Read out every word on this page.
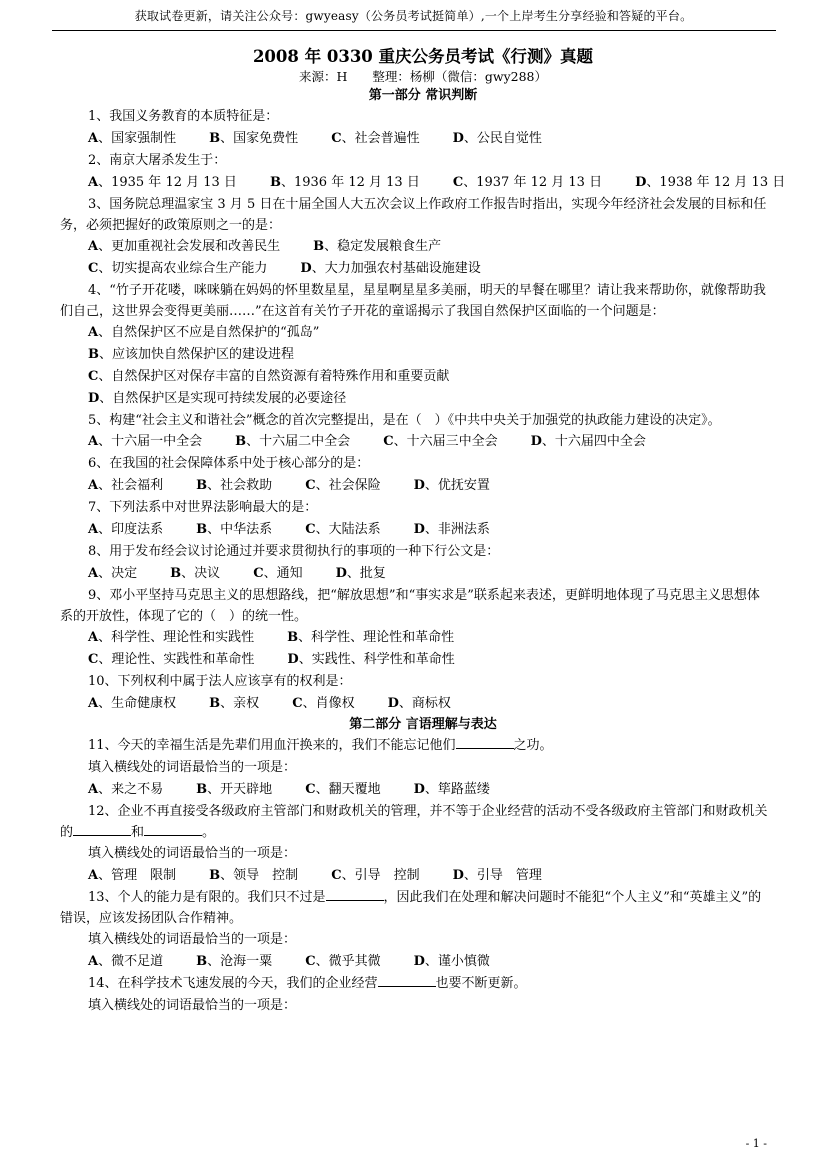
获取试卷更新，请关注公众号：gwyeasy（公务员考试挺简单）,一个上岸考生分享经验和答疑的平台。
2008 年 0330 重庆公务员考试《行测》真题
来源：H　　整理：杨柳（微信：gwy288）
第一部分 常识判断
1、我国义务教育的本质特征是：
A、国家强制性        B、国家免费性        C、社会普遍性        D、公民自觉性
2、南京大屠杀发生于：
A、1935 年 12 月 13 日        B、1936 年 12 月 13 日        C、1937 年 12 月 13 日        D、1938 年 12 月 13 日
3、国务院总理温家宝 3 月 5 日在十届全国人大五次会议上作政府工作报告时指出，实现今年经济社会发展的目标和任务，必须把握好的政策原则之一的是：
A、更加重视社会发展和改善民生        B、稳定发展粮食生产
C、切实提高农业综合生产能力        D、大力加强农村基础设施建设
4、“竹子开花喽，咪咪躺在妈妈的怀里数星星，星星啊星星多美丽，明天的早餐在哪里？请让我来帮助你，就像帮助我们自己，这世界会变得更美丽……”在这首有关竹子开花的童谣揭示了我国自然保护区面临的一个问题是：
A、自然保护区不应是自然保护的“孤岛”
B、应该加快自然保护区的建设进程
C、自然保护区对保存丰富的自然资源有着特殊作用和重要贡献
D、自然保护区是实现可持续发展的必要途径
5、构建“社会主义和谐社会”概念的首次完整提出，是在（　）《中共中央关于加强党的执政能力建设的决定》。
A、十六届一中全会        B、十六届二中全会        C、十六届三中全会        D、十六届四中全会
6、在我国的社会保障体系中处于核心部分的是：
A、社会福利        B、社会救助        C、社会保险        D、优抚安置
7、下列法系中对世界法影响最大的是：
A、印度法系        B、中华法系        C、大陆法系        D、非洲法系
8、用于发布经会议讨论通过并要求贯彻执行的事项的一种下行公文是：
A、决定        B、决议        C、通知        D、批复
9、邓小平坚持马克思主义的思想路线，把“解放思想”和“事实求是”联系起来表述，更鲜明地体现了马克思主义思想体系的开放性，体现了它的（　）的统一性。
A、科学性、理论性和实践性        B、科学性、理论性和革命性
C、理论性、实践性和革命性        D、实践性、科学性和革命性
10、下列权利中属于法人应该享有的权利是：
A、生命健康权        B、亲权        C、肖像权        D、商标权
第二部分 言语理解与表达
11、今天的幸福生活是先辈们用血汗换来的，我们不能忘记他们	之功。
填入横线处的词语最恰当的一项是：
A、来之不易        B、开天辟地        C、翻天覆地        D、筚路蓝缕
12、企业不再直接受各级政府主管部门和财政机关的管理，并不等于企业经营的活动不受各级政府主管部门和财政机关的	和	。
填入横线处的词语最恰当的一项是：
A、管理　限制        B、领导　控制        C、引导　控制        D、引导　管理
13、个人的能力是有限的。我们只不过是	，因此我们在处理和解决问题时不能犯“个人主义”和“英雄主义”的错误，应该发扬团队合作精神。
填入横线处的词语最恰当的一项是：
A、微不足道        B、沧海一粟        C、微乎其微        D、谨小慎微
14、在科学技术飞速发展的今天，我们的企业经营	也要不断更新。
填入横线处的词语最恰当的一项是：
- 1 -
